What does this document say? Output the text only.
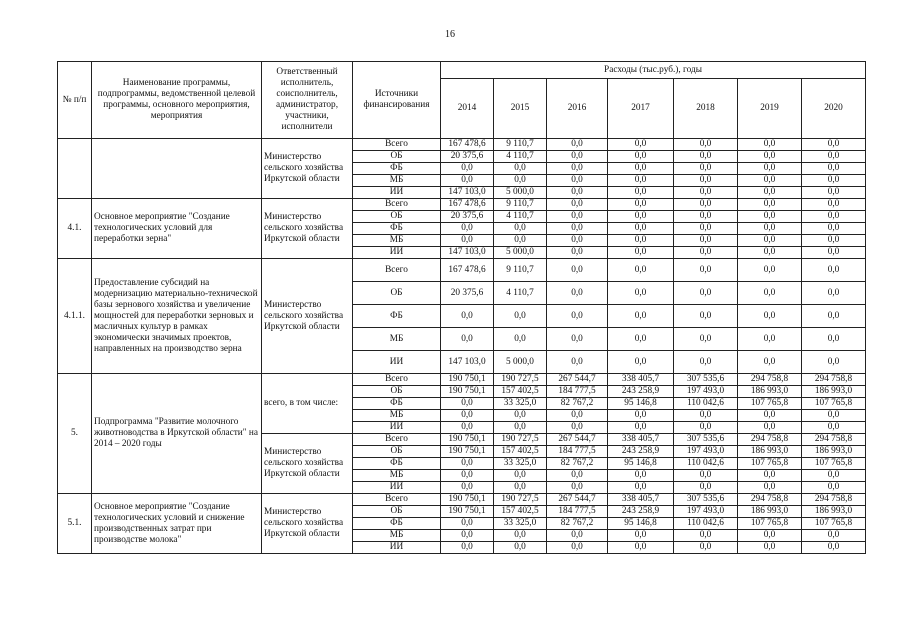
16
№ п/п	Наименование программы, подпрограммы, ведомственной целевой программы, основного мероприятия, мероприятия	Ответственный исполнитель, соисполнитель, администратор, участники, исполнители	Источники финансирования	Расходы (тыс.руб.), годы						
				2014	2015	2016	2017	2018	2019	2020
		Министерство сельского хозяйства Иркутской области	Всего	167 478,6	9 110,7	0,0	0,0	0,0	0,0	0,0
			ОБ	20 375,6	4 110,7	0,0	0,0	0,0	0,0	0,0
			ФБ	0,0	0,0	0,0	0,0	0,0	0,0	0,0
			МБ	0,0	0,0	0,0	0,0	0,0	0,0	0,0
			ИИ	147 103,0	5 000,0	0,0	0,0	0,0	0,0	0,0
4.1.	Основное мероприятие "Создание технологических условий для переработки зерна"	Министерство сельского хозяйства Иркутской области	Всего	167 478,6	9 110,7	0,0	0,0	0,0	0,0	0,0
			ОБ	20 375,6	4 110,7	0,0	0,0	0,0	0,0	0,0
			ФБ	0,0	0,0	0,0	0,0	0,0	0,0	0,0
			МБ	0,0	0,0	0,0	0,0	0,0	0,0	0,0
			ИИ	147 103,0	5 000,0	0,0	0,0	0,0	0,0	0,0
4.1.1.	Предоставление субсидий на модернизацию материально-технической базы зернового хозяйства и увеличение мощностей для переработки зерновых и масличных культур в рамках экономически значимых проектов, направленных на производство зерна	Министерство сельского хозяйства Иркутской области	Всего	167 478,6	9 110,7	0,0	0,0	0,0	0,0	0,0
			ОБ	20 375,6	4 110,7	0,0	0,0	0,0	0,0	0,0
			ФБ	0,0	0,0	0,0	0,0	0,0	0,0	0,0
			МБ	0,0	0,0	0,0	0,0	0,0	0,0	0,0
			ИИ	147 103,0	5 000,0	0,0	0,0	0,0	0,0	0,0
5.	Подпрограмма "Развитие молочного животноводства в Иркутской области" на 2014 – 2020 годы	всего, в том числе:	Всего	190 750,1	190 727,5	267 544,7	338 405,7	307 535,6	294 758,8	294 758,8
			ОБ	190 750,1	157 402,5	184 777,5	243 258,9	197 493,0	186 993,0	186 993,0
			ФБ	0,0	33 325,0	82 767,2	95 146,8	110 042,6	107 765,8	107 765,8
			МБ	0,0	0,0	0,0	0,0	0,0	0,0	0,0
			ИИ	0,0	0,0	0,0	0,0	0,0	0,0	0,0
		Министерство сельского хозяйства Иркутской области	Всего	190 750,1	190 727,5	267 544,7	338 405,7	307 535,6	294 758,8	294 758,8
			ОБ	190 750,1	157 402,5	184 777,5	243 258,9	197 493,0	186 993,0	186 993,0
			ФБ	0,0	33 325,0	82 767,2	95 146,8	110 042,6	107 765,8	107 765,8
			МБ	0,0	0,0	0,0	0,0	0,0	0,0	0,0
			ИИ	0,0	0,0	0,0	0,0	0,0	0,0	0,0
5.1.	Основное мероприятие "Создание технологических условий и снижение производственных затрат при производстве молока"	Министерство сельского хозяйства Иркутской области	Всего	190 750,1	190 727,5	267 544,7	338 405,7	307 535,6	294 758,8	294 758,8
			ОБ	190 750,1	157 402,5	184 777,5	243 258,9	197 493,0	186 993,0	186 993,0
			ФБ	0,0	33 325,0	82 767,2	95 146,8	110 042,6	107 765,8	107 765,8
			МБ	0,0	0,0	0,0	0,0	0,0	0,0	0,0
			ИИ	0,0	0,0	0,0	0,0	0,0	0,0	0,0
